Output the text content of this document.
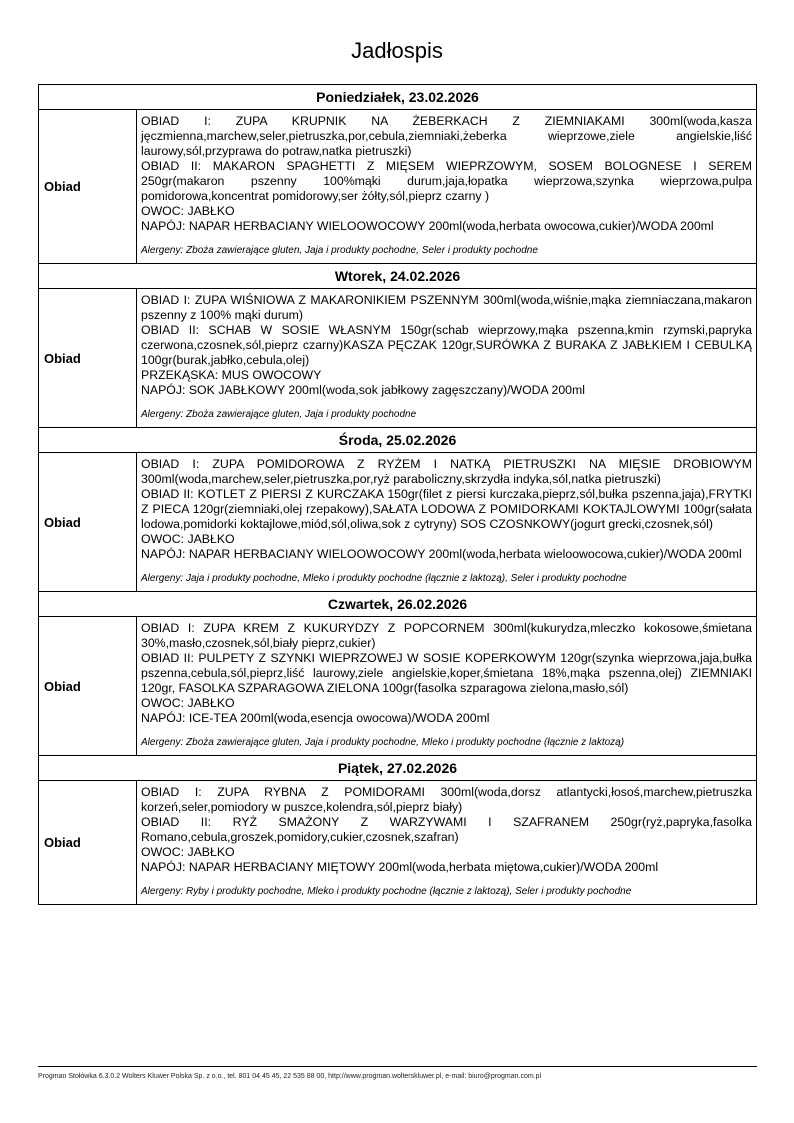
Jadłospis
Poniedziałek, 23.02.2026	
Obiad	OBIAD I: ZUPA KRUPNIK NA ŻEBERKACH Z ZIEMNIAKAMI 300ml(woda,kasza jęczmienna,marchew,seler,pietruszka,por,cebula,ziemniaki,żeberka wieprzowe,ziele angielskie,liść laurowy,sól,przyprawa do potraw,natka pietruszki)
OBIAD II: MAKARON SPAGHETTI Z MIĘSEM WIEPRZOWYM, SOSEM BOLOGNESE I SEREM 250gr(makaron pszenny 100%mąki durum,jaja,łopatka wieprzowa,szynka wieprzowa,pulpa pomidorowa,koncentrat pomidorowy,ser żółty,sól,pieprz czarny )
OWOC: JABŁKO
NAPÓJ: NAPAR HERBACIANY WIELOOWOCOWY 200ml(woda,herbata owocowa,cukier)/WODA 200ml
Alergeny: Zboża zawierające gluten, Jaja i produkty pochodne, Seler i produkty pochodne

Wtorek, 24.02.2026	
Obiad	OBIAD I: ZUPA WIŚNIOWA Z MAKARONIKIEM PSZENNYM 300ml(woda,wiśnie,mąka ziemniaczana,makaron pszenny z 100% mąki durum)
OBIAD II: SCHAB W SOSIE WŁASNYM 150gr(schab wieprzowy,mąka pszenna,kmin rzymski,papryka czerwona,czosnek,sól,pieprz czarny)KASZA PĘCZAK 120gr,SURÓWKA Z BURAKA Z JABŁKIEM I CEBULKĄ 100gr(burak,jabłko,cebula,olej)
PRZEKĄSKA: MUS OWOCOWY
NAPÓJ: SOK JABŁKOWY 200ml(woda,sok jabłkowy zagęszczany)/WODA 200ml
Alergeny: Zboża zawierające gluten, Jaja i produkty pochodne

Środa, 25.02.2026	
Obiad	OBIAD I: ZUPA POMIDOROWA Z RYŻEM I NATKĄ PIETRUSZKI NA MIĘSIE DROBIOWYM 300ml(woda,marchew,seler,pietruszka,por,ryż paraboliczny,skrzydła indyka,sól,natka pietruszki)
OBIAD II: KOTLET Z PIERSI Z KURCZAKA 150gr(filet z piersi kurczaka,pieprz,sól,bułka pszenna,jaja),FRYTKI Z PIECA 120gr(ziemniaki,olej rzepakowy),SAŁATA LODOWA Z POMIDORKAMI KOKTAJLOWYMI 100gr(sałata lodowa,pomidorki koktajlowe,miód,sól,oliwa,sok z cytryny) SOS CZOSNKOWY(jogurt grecki,czosnek,sól)
OWOC: JABŁKO
NAPÓJ: NAPAR HERBACIANY WIELOOWOCOWY 200ml(woda,herbata wieloowocowa,cukier)/WODA 200ml
Alergeny: Jaja i produkty pochodne, Mleko i produkty pochodne (łącznie z laktozą), Seler i produkty pochodne

Czwartek, 26.02.2026	
Obiad	OBIAD I: ZUPA KREM Z KUKURYDZY Z POPCORNEM 300ml(kukurydza,mleczko kokosowe,śmietana 30%,masło,czosnek,sól,biały pieprz,cukier)
OBIAD II: PULPETY Z SZYNKI WIEPRZOWEJ W SOSIE KOPERKOWYM 120gr(szynka wieprzowa,jaja,bułka pszenna,cebula,sól,pieprz,liść laurowy,ziele angielskie,koper,śmietana 18%,mąka pszenna,olej) ZIEMNIAKI 120gr, FASOLKA SZPARAGOWA ZIELONA 100gr(fasolka szparagowa zielona,masło,sól)
OWOC: JABŁKO
NAPÓJ: ICE-TEA 200ml(woda,esencja owocowa)/WODA 200ml
Alergeny: Zboża zawierające gluten, Jaja i produkty pochodne, Mleko i produkty pochodne (łącznie z laktozą)

Piątek, 27.02.2026	
Obiad	OBIAD I: ZUPA RYBNA Z POMIDORAMI 300ml(woda,dorsz atlantycki,łosoś,marchew,pietruszka korzeń,seler,pomiodory w puszce,kolendra,sól,pieprz biały)
OBIAD II: RYŻ SMAŻONY Z WARZYWAMI I SZAFRANEM 250gr(ryż,papryka,fasolka Romano,cebula,groszek,pomidory,cukier,czosnek,szafran)
OWOC: JABŁKO
NAPÓJ: NAPAR HERBACIANY MIĘTOWY 200ml(woda,herbata miętowa,cukier)/WODA 200ml
Alergeny: Ryby i produkty pochodne, Mleko i produkty pochodne (łącznie z laktozą), Seler i produkty pochodne
Progman Stołówka 6.3.0.2 Wolters Kluwer Polska Sp. z o.o., tel. 801 04 45 45, 22 535 88 00, http://www.progman.wolterskluwer.pl, e-mail: biuro@progman.com.pl
